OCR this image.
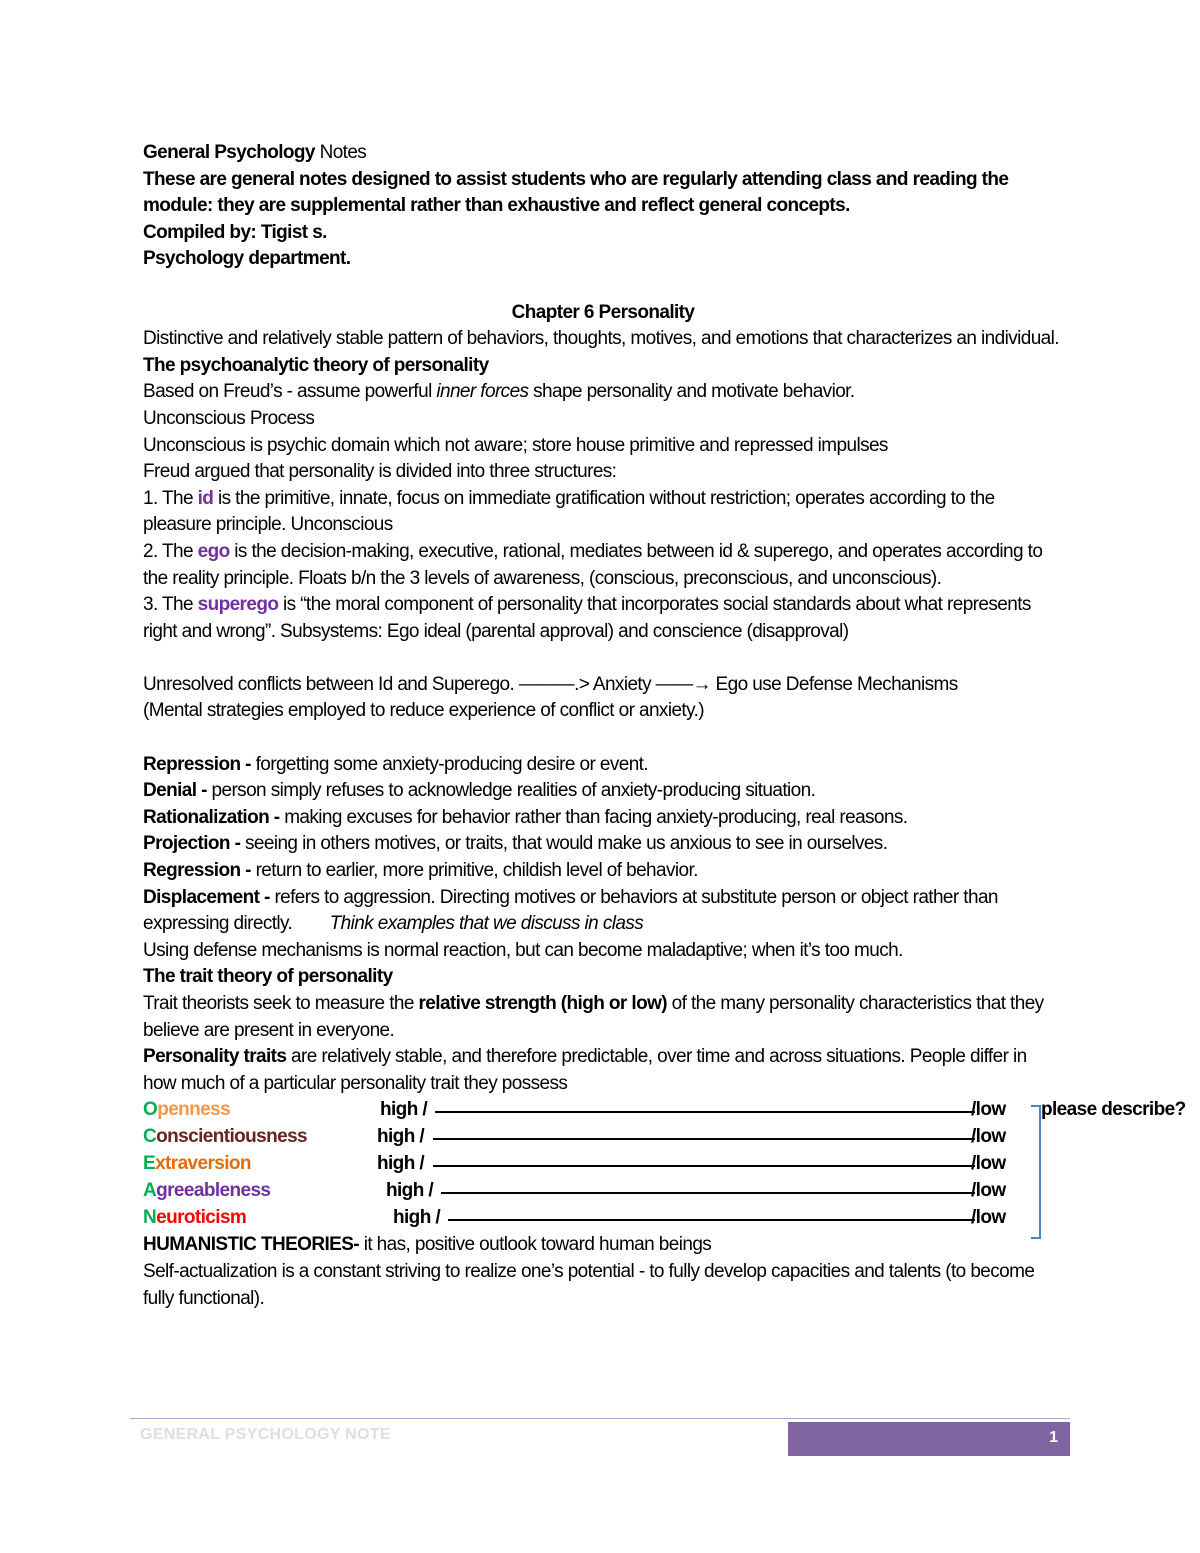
General Psychology Notes

These are general notes designed to assist students who are regularly attending class and reading the module: they are supplemental rather than exhaustive and reflect general concepts.

Compiled by: Tigist s.

Psychology department.

Chapter 6 Personality

Distinctive and relatively stable pattern of behaviors, thoughts, motives, and emotions that characterizes an individual.

The psychoanalytic theory of personality

Based on Freud’s - assume powerful inner forces shape personality and motivate behavior.

Unconscious Process

Unconscious is psychic domain which not aware; store house primitive and repressed impulses

Freud argued that personality is divided into three structures:

1. The id is the primitive, innate, focus on immediate gratification without restriction; operates according to the pleasure principle. Unconscious

2. The ego is the decision-making, executive, rational, mediates between id & superego, and operates according to the reality principle. Floats b/n the 3 levels of awareness, (conscious, preconscious, and unconscious).

3. The superego is “the moral component of personality that incorporates social standards about what represents right and wrong”. Subsystems: Ego ideal (parental approval) and conscience (disapproval)

Unresolved conflicts between Id and Superego. ———.> Anxiety ——→ Ego use Defense Mechanisms

(Mental strategies employed to reduce experience of conflict or anxiety.)

Repression - forgetting some anxiety-producing desire or event.

Denial - person simply refuses to acknowledge realities of anxiety-producing situation.

Rationalization - making excuses for behavior rather than facing anxiety-producing, real reasons.

Projection - seeing in others motives, or traits, that would make us anxious to see in ourselves.

Regression - return to earlier, more primitive, childish level of behavior.

Displacement - refers to aggression. Directing motives or behaviors at substitute person or object rather than expressing directly. Think examples that we discuss in class

Using defense mechanisms is normal reaction, but can become maladaptive; when it’s too much.

The trait theory of personality

Trait theorists seek to measure the relative strength (high or low) of the many personality characteristics that they believe are present in everyone.

Personality traits are relatively stable, and therefore predictable, over time and across situations. People differ in how much of a particular personality trait they possess

Openness	high /	/low
Conscientiousness	high /	/low
Extraversion	high /	/low
Agreeableness	high /	/low
Neuroticism	high /	/low
please describe?

HUMANISTIC THEORIES- it has, positive outlook toward human beings

Self-actualization is a constant striving to realize one’s potential - to fully develop capacities and talents (to become fully functional).

GENERAL PSYCHOLOGY NOTE	1
